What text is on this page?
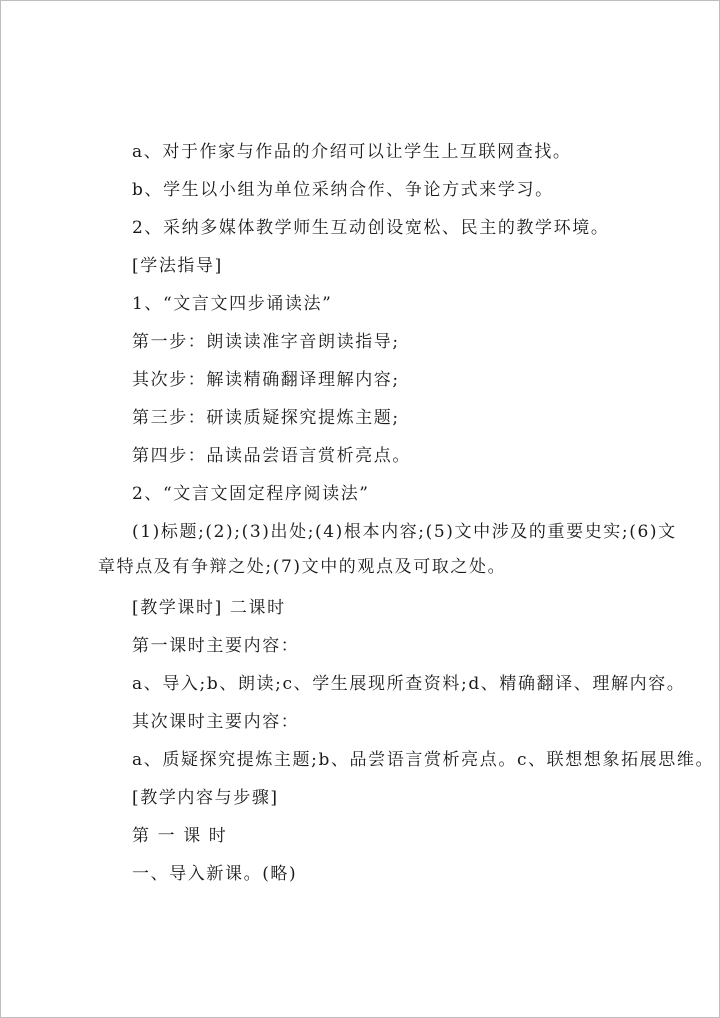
a、对于作家与作品的介绍可以让学生上互联网查找。
b、学生以小组为单位采纳合作、争论方式来学习。
2、采纳多媒体教学师生互动创设宽松、民主的教学环境。
[学法指导]
1、“文言文四步诵读法”
第一步：朗读读准字音朗读指导;
其次步：解读精确翻译理解内容;
第三步：研读质疑探究提炼主题;
第四步：品读品尝语言赏析亮点。
2、“文言文固定程序阅读法”
(1)标题;(2);(3)出处;(4)根本内容;(5)文中涉及的重要史实;(6)文
章特点及有争辩之处;(7)文中的观点及可取之处。
[教学课时] 二课时
第一课时主要内容：
a、导入;b、朗读;c、学生展现所查资料;d、精确翻译、理解内容。
其次课时主要内容：
a、质疑探究提炼主题;b、品尝语言赏析亮点。c、联想想象拓展思维。
[教学内容与步骤]
第 一 课 时
一、导入新课。(略)
